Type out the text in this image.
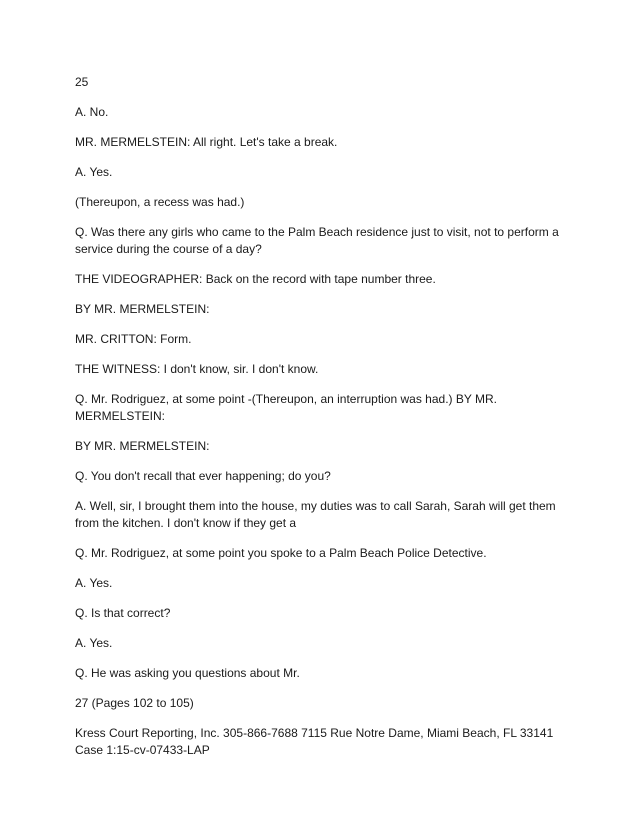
25

A. No.

MR. MERMELSTEIN: All right. Let's take a break.

A. Yes.

(Thereupon, a recess was had.)

Q. Was there any girls who came to the Palm Beach residence just to visit, not to perform a service during the course of a day?

THE VIDEOGRAPHER: Back on the record with tape number three.

BY MR. MERMELSTEIN:

MR. CRITTON: Form.

THE WITNESS: I don't know, sir. I don't know.

Q. Mr. Rodriguez, at some point -(Thereupon, an interruption was had.) BY MR. MERMELSTEIN:

BY MR. MERMELSTEIN:

Q. You don't recall that ever happening; do you?

A. Well, sir, I brought them into the house, my duties was to call Sarah, Sarah will get them from the kitchen. I don't know if they get a

Q. Mr. Rodriguez, at some point you spoke to a Palm Beach Police Detective.

A. Yes.

Q. Is that correct?

A. Yes.

Q. He was asking you questions about Mr.

27 (Pages 102 to 105)

Kress Court Reporting, Inc. 305-866-7688 7115 Rue Notre Dame, Miami Beach, FL 33141 Case 1:15-cv-07433-LAP
